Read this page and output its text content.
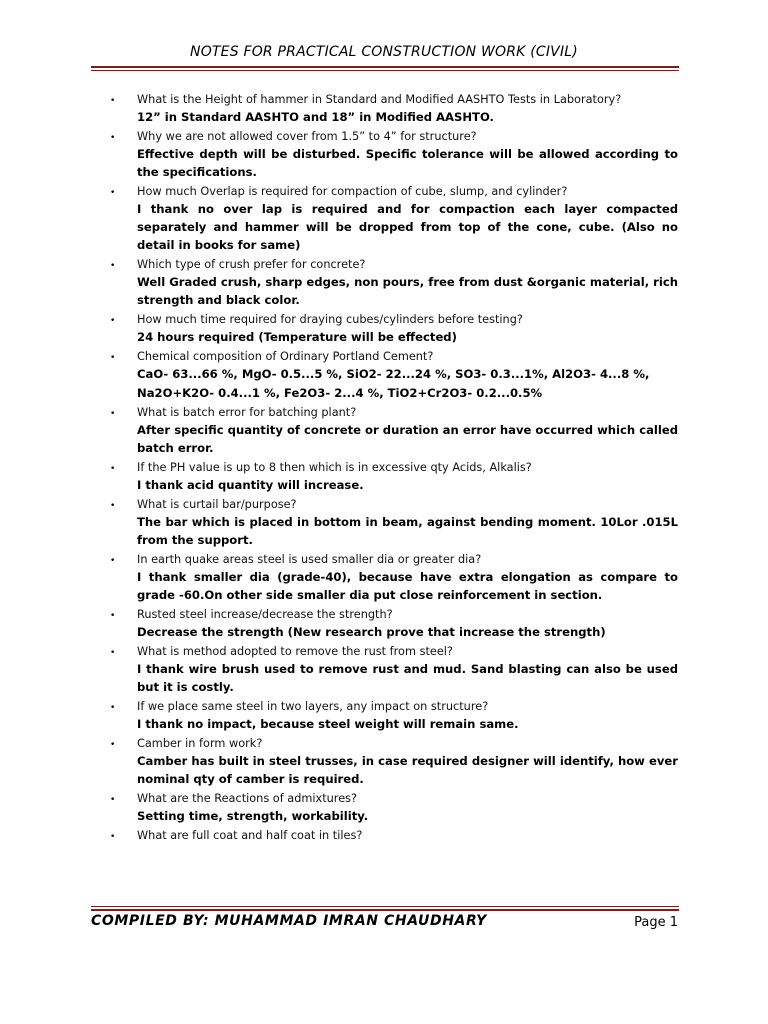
NOTES FOR PRACTICAL CONSTRUCTION WORK (CIVIL)
• What is the Height of hammer in Standard and Modified AASHTO Tests in Laboratory?
12” in Standard AASHTO and 18” in Modified AASHTO.
• Why we are not allowed cover from 1.5” to 4” for structure?
Effective depth will be disturbed. Specific tolerance will be allowed according to the specifications.
• How much Overlap is required for compaction of cube, slump, and cylinder?
I thank no over lap is required and for compaction each layer compacted separately and hammer will be dropped from top of the cone, cube. (Also no detail in books for same)
• Which type of crush prefer for concrete?
Well Graded crush, sharp edges, non pours, free from dust &organic material, rich strength and black color.
• How much time required for draying cubes/cylinders before testing?
24 hours required (Temperature will be effected)
• Chemical composition of Ordinary Portland Cement?
CaO- 63...66 %, MgO- 0.5...5 %, SiO2- 22...24 %, SO3- 0.3...1%, Al2O3- 4...8 %,
Na2O+K2O- 0.4...1 %, Fe2O3- 2...4 %, TiO2+Cr2O3- 0.2...0.5%
• What is batch error for batching plant?
After specific quantity of concrete or duration an error have occurred which called batch error.
• If the PH value is up to 8 then which is in excessive qty Acids, Alkalis?
I thank acid quantity will increase.
• What is curtail bar/purpose?
The bar which is placed in bottom in beam, against bending moment. 10Lor .015L from the support.
• In earth quake areas steel is used smaller dia or greater dia?
I thank smaller dia (grade-40), because have extra elongation as compare to grade -60.On other side smaller dia put close reinforcement in section.
• Rusted steel increase/decrease the strength?
Decrease the strength (New research prove that increase the strength)
• What is method adopted to remove the rust from steel?
I thank wire brush used to remove rust and mud. Sand blasting can also be used but it is costly.
• If we place same steel in two layers, any impact on structure?
I thank no impact, because steel weight will remain same.
• Camber in form work?
Camber has built in steel trusses, in case required designer will identify, how ever nominal qty of camber is required.
• What are the Reactions of admixtures?
Setting time, strength, workability.
• What are full coat and half coat in tiles?
COMPILED BY: MUHAMMAD IMRAN CHAUDHARY	Page 1
